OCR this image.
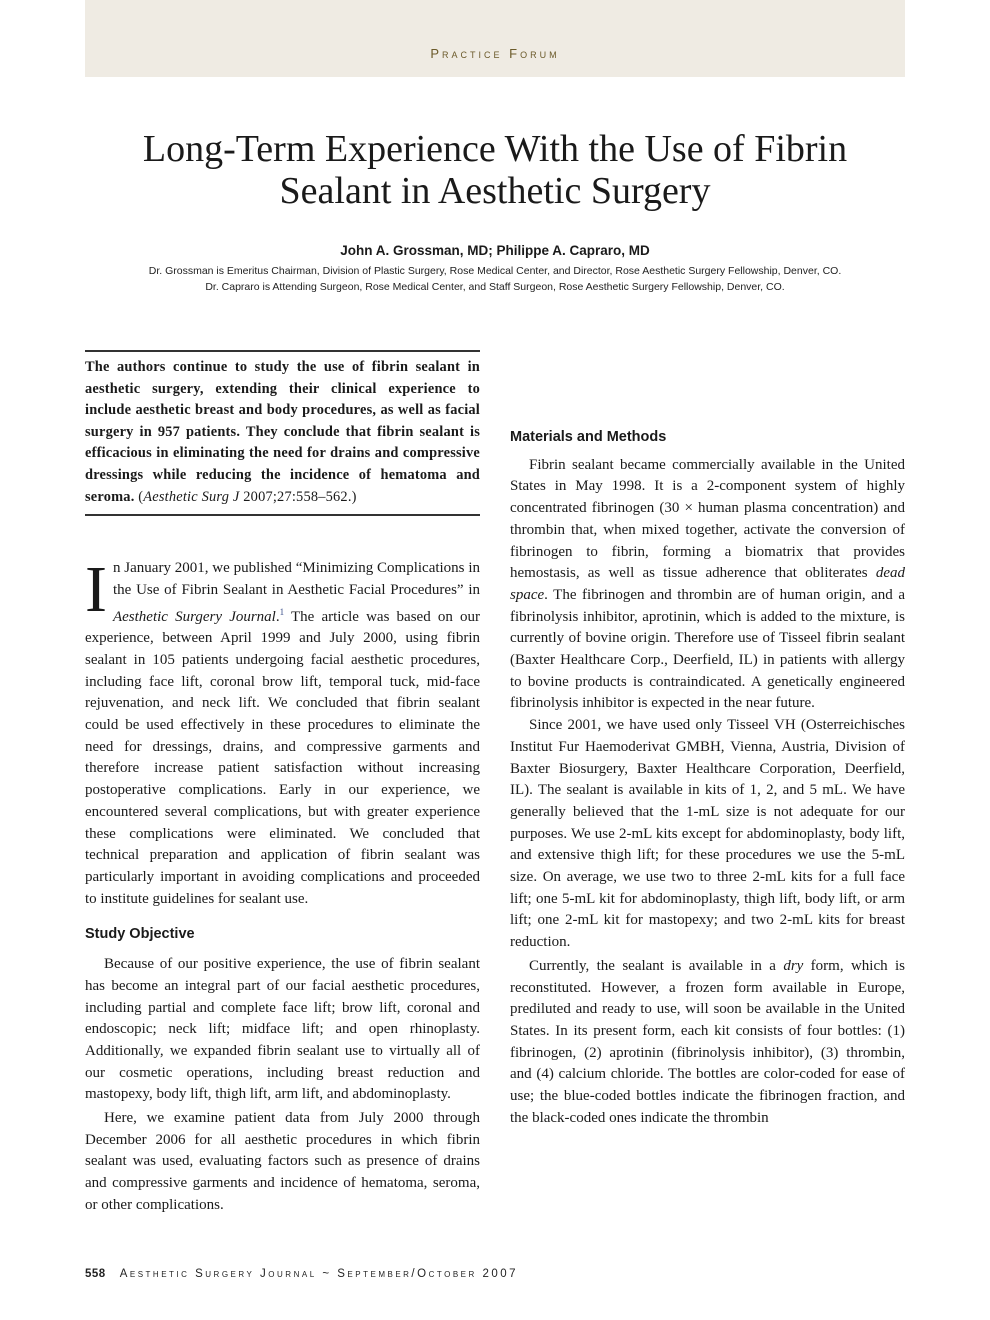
Practice Forum
Long-Term Experience With the Use of Fibrin Sealant in Aesthetic Surgery
John A. Grossman, MD; Philippe A. Capraro, MD
Dr. Grossman is Emeritus Chairman, Division of Plastic Surgery, Rose Medical Center, and Director, Rose Aesthetic Surgery Fellowship, Denver, CO.
Dr. Capraro is Attending Surgeon, Rose Medical Center, and Staff Surgeon, Rose Aesthetic Surgery Fellowship, Denver, CO.
The authors continue to study the use of fibrin sealant in aesthetic surgery, extending their clinical experience to include aesthetic breast and body procedures, as well as facial surgery in 957 patients. They conclude that fibrin sealant is efficacious in eliminating the need for drains and compressive dressings while reducing the incidence of hematoma and seroma. (Aesthetic Surg J 2007;27:558–562.)

In January 2001, we published “Minimizing Complications in the Use of Fibrin Sealant in Aesthetic Facial Procedures” in Aesthetic Surgery Journal.$^1$ The article was based on our experience, between April 1999 and July 2000, using fibrin sealant in 105 patients undergoing facial aesthetic procedures, including face lift, coronal brow lift, temporal tuck, mid-face rejuvenation, and neck lift. We concluded that fibrin sealant could be used effectively in these procedures to eliminate the need for dressings, drains, and compressive garments and therefore increase patient satisfaction without increasing postoperative complications. Early in our experience, we encountered several complications, but with greater experience these complications were eliminated. We concluded that technical preparation and application of fibrin sealant was particularly important in avoiding complications and proceeded to institute guidelines for sealant use.

Study Objective

Because of our positive experience, the use of fibrin sealant has become an integral part of our facial aesthetic procedures, including partial and complete face lift; brow lift, coronal and endoscopic; neck lift; midface lift; and open rhinoplasty. Additionally, we expanded fibrin sealant use to virtually all of our cosmetic operations, including breast reduction and mastopexy, body lift, thigh lift, arm lift, and abdominoplasty.

Here, we examine patient data from July 2000 through December 2006 for all aesthetic procedures in which fibrin sealant was used, evaluating factors such as presence of drains and compressive garments and incidence of hematoma, seroma, or other complications.

Materials and Methods

Fibrin sealant became commercially available in the United States in May 1998. It is a 2-component system of highly concentrated fibrinogen (30 × human plasma concentration) and thrombin that, when mixed together, activate the conversion of fibrinogen to fibrin, forming a biomatrix that provides hemostasis, as well as tissue adherence that obliterates dead space. The fibrinogen and thrombin are of human origin, and a fibrinolysis inhibitor, aprotinin, which is added to the mixture, is currently of bovine origin. Therefore use of Tisseel fibrin sealant (Baxter Healthcare Corp., Deerfield, IL) in patients with allergy to bovine products is contraindicated. A genetically engineered fibrinolysis inhibitor is expected in the near future.

Since 2001, we have used only Tisseel VH (Osterreichisches Institut Fur Haemoderivat GMBH, Vienna, Austria, Division of Baxter Biosurgery, Baxter Healthcare Corporation, Deerfield, IL). The sealant is available in kits of 1, 2, and 5 mL. We have generally believed that the 1-mL size is not adequate for our purposes. We use 2-mL kits except for abdominoplasty, body lift, and extensive thigh lift; for these procedures we use the 5-mL size. On average, we use two to three 2-mL kits for a full face lift; one 5-mL kit for abdominoplasty, thigh lift, body lift, or arm lift; one 2-mL kit for mastopexy; and two 2-mL kits for breast reduction.

Currently, the sealant is available in a dry form, which is reconstituted. However, a frozen form available in Europe, prediluted and ready to use, will soon be available in the United States. In its present form, each kit consists of four bottles: (1) fibrinogen, (2) aprotinin (fibrinolysis inhibitor), (3) thrombin, and (4) calcium chloride. The bottles are color-coded for ease of use; the blue-coded bottles indicate the fibrinogen fraction, and the black-coded ones indicate the thrombin

558 Aesthetic Surgery Journal ~ September/October 2007
